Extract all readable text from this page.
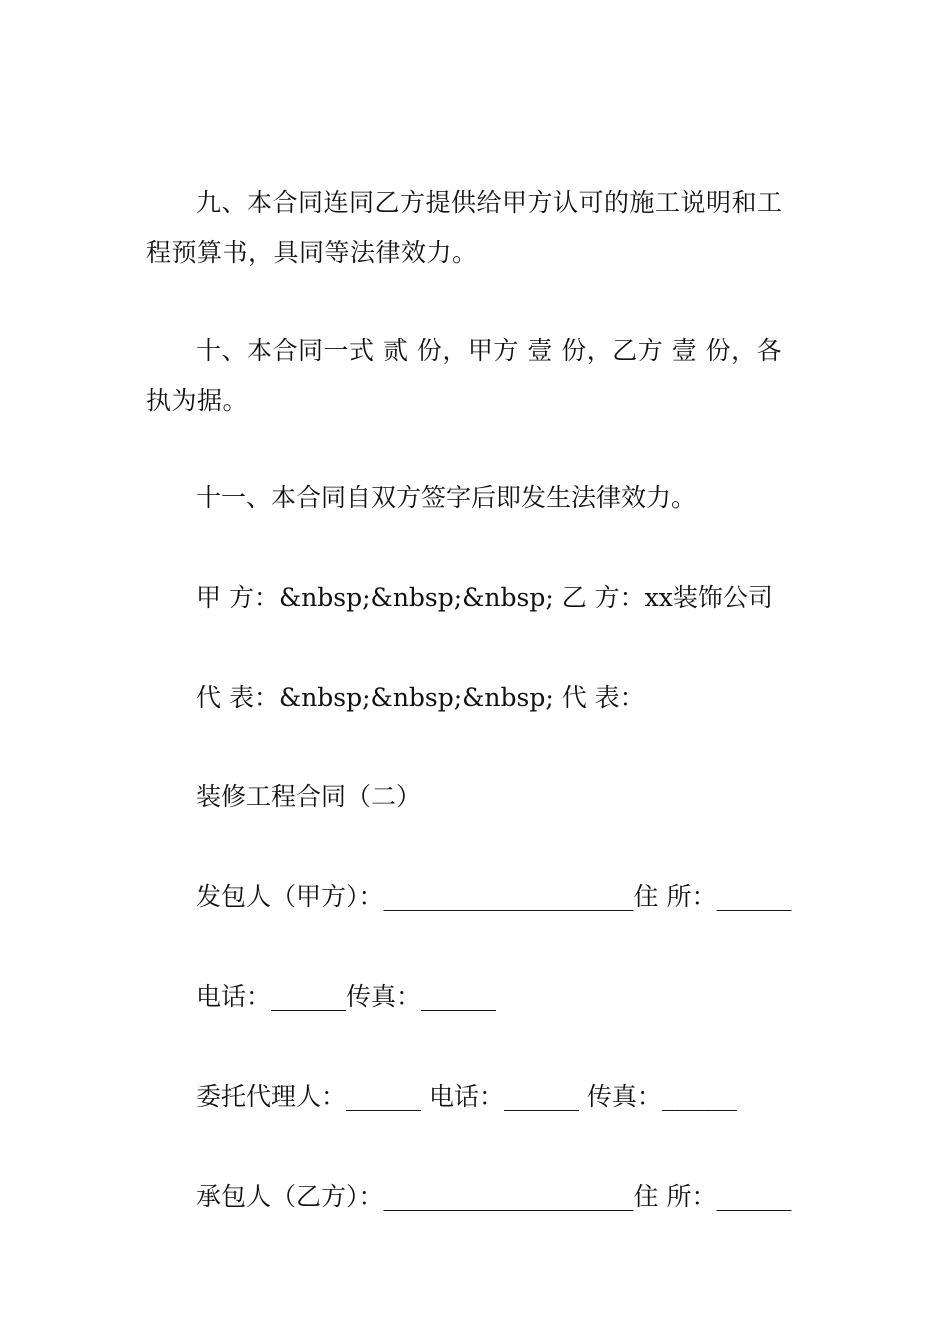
九、本合同连同乙方提供给甲方认可的施工说明和工程预算书，具同等法律效力。
十、本合同一式 贰 份，甲方 壹 份，乙方 壹 份，各执为据。
十一、本合同自双方签字后即发生法律效力。
甲 方：&nbsp;&nbsp;&nbsp; 乙 方：xx装饰公司
代 表：&nbsp;&nbsp;&nbsp; 代 表：
装修工程合同（二）
发包人（甲方）：____________________住 所：______
电话：______传真：______
委托代理人：______ 电话：______ 传真：______
承包人（乙方）：____________________住 所：______
